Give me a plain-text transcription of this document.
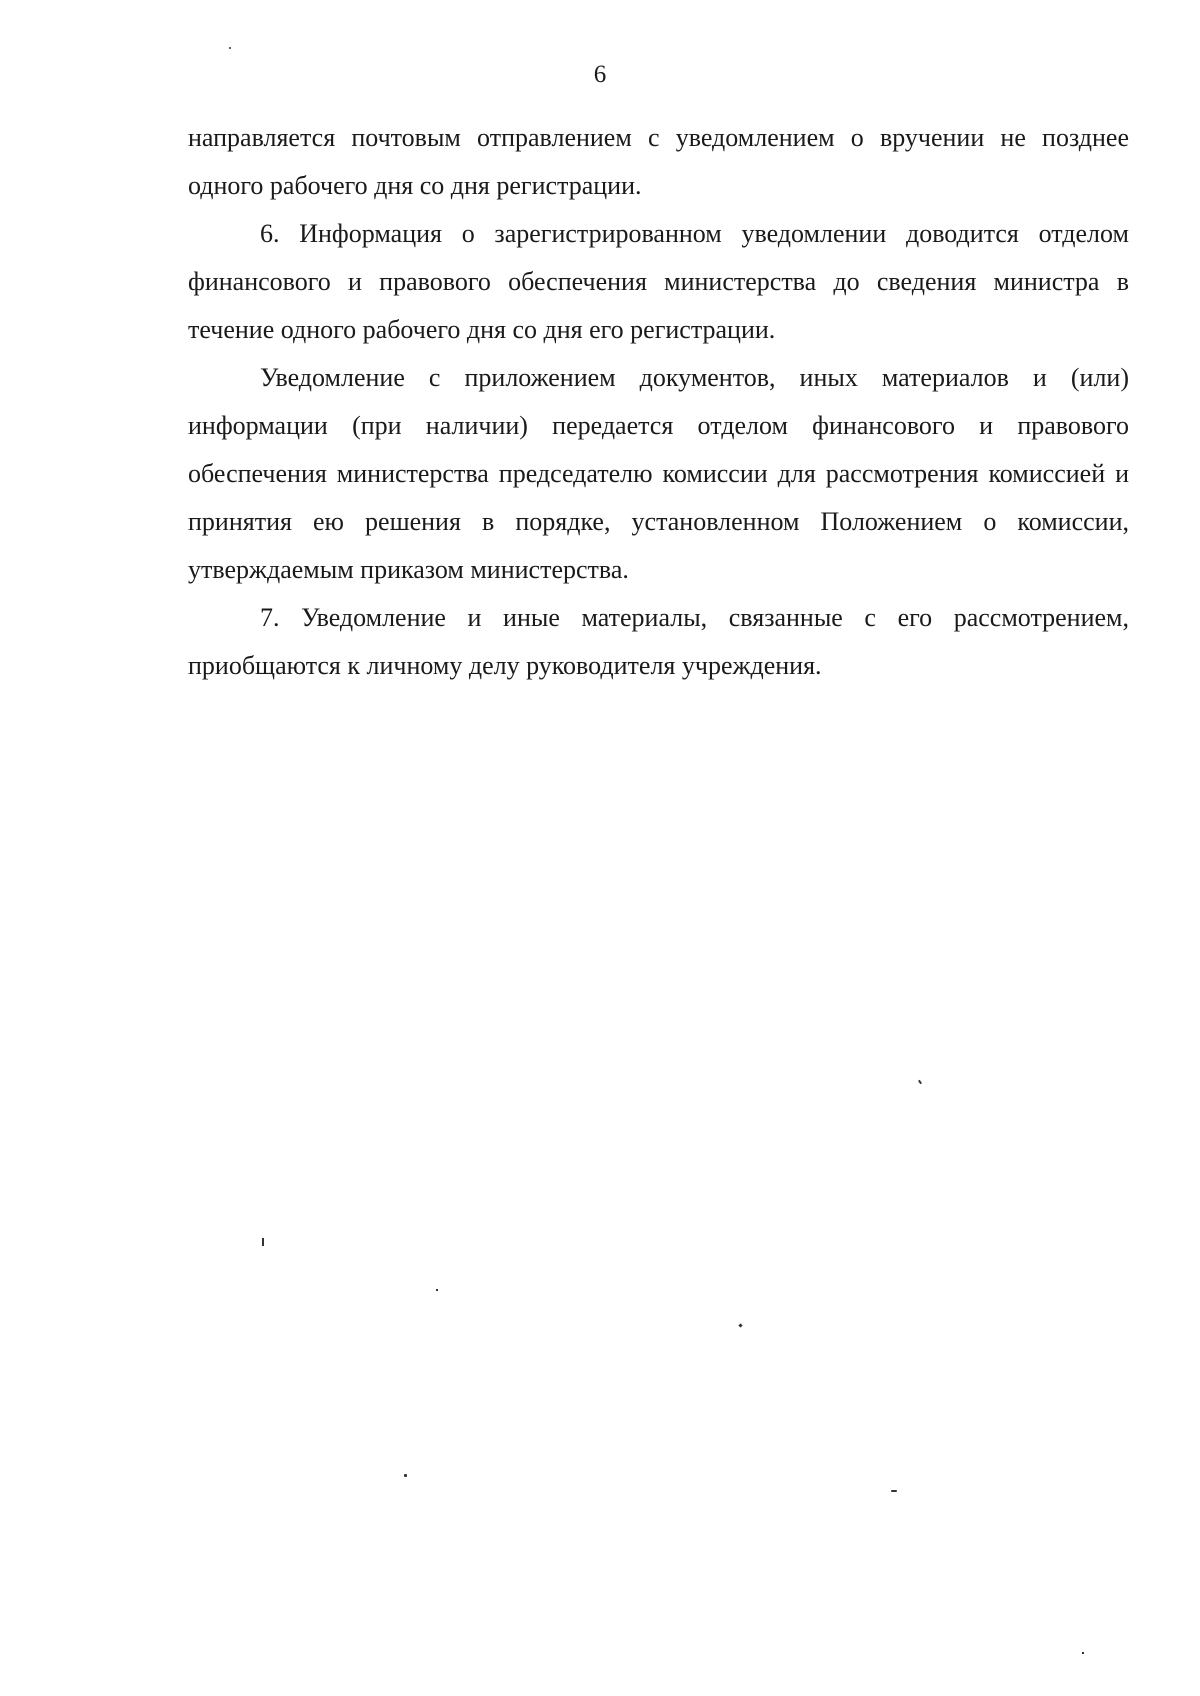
6

направляется почтовым отправлением с уведомлением о вручении не позднее одного рабочего дня со дня регистрации.

6. Информация о зарегистрированном уведомлении доводится отделом финансового и правового обеспечения министерства до сведения министра в течение одного рабочего дня со дня его регистрации.

Уведомление с приложением документов, иных материалов и (или) информации (при наличии) передается отделом финансового и правового обеспечения министерства председателю комиссии для рассмотрения комиссией и принятия ею решения в порядке, установленном Положением о комиссии, утверждаемым приказом министерства.

7. Уведомление и иные материалы, связанные с его рассмотрением, приобщаются к личному делу руководителя учреждения.
